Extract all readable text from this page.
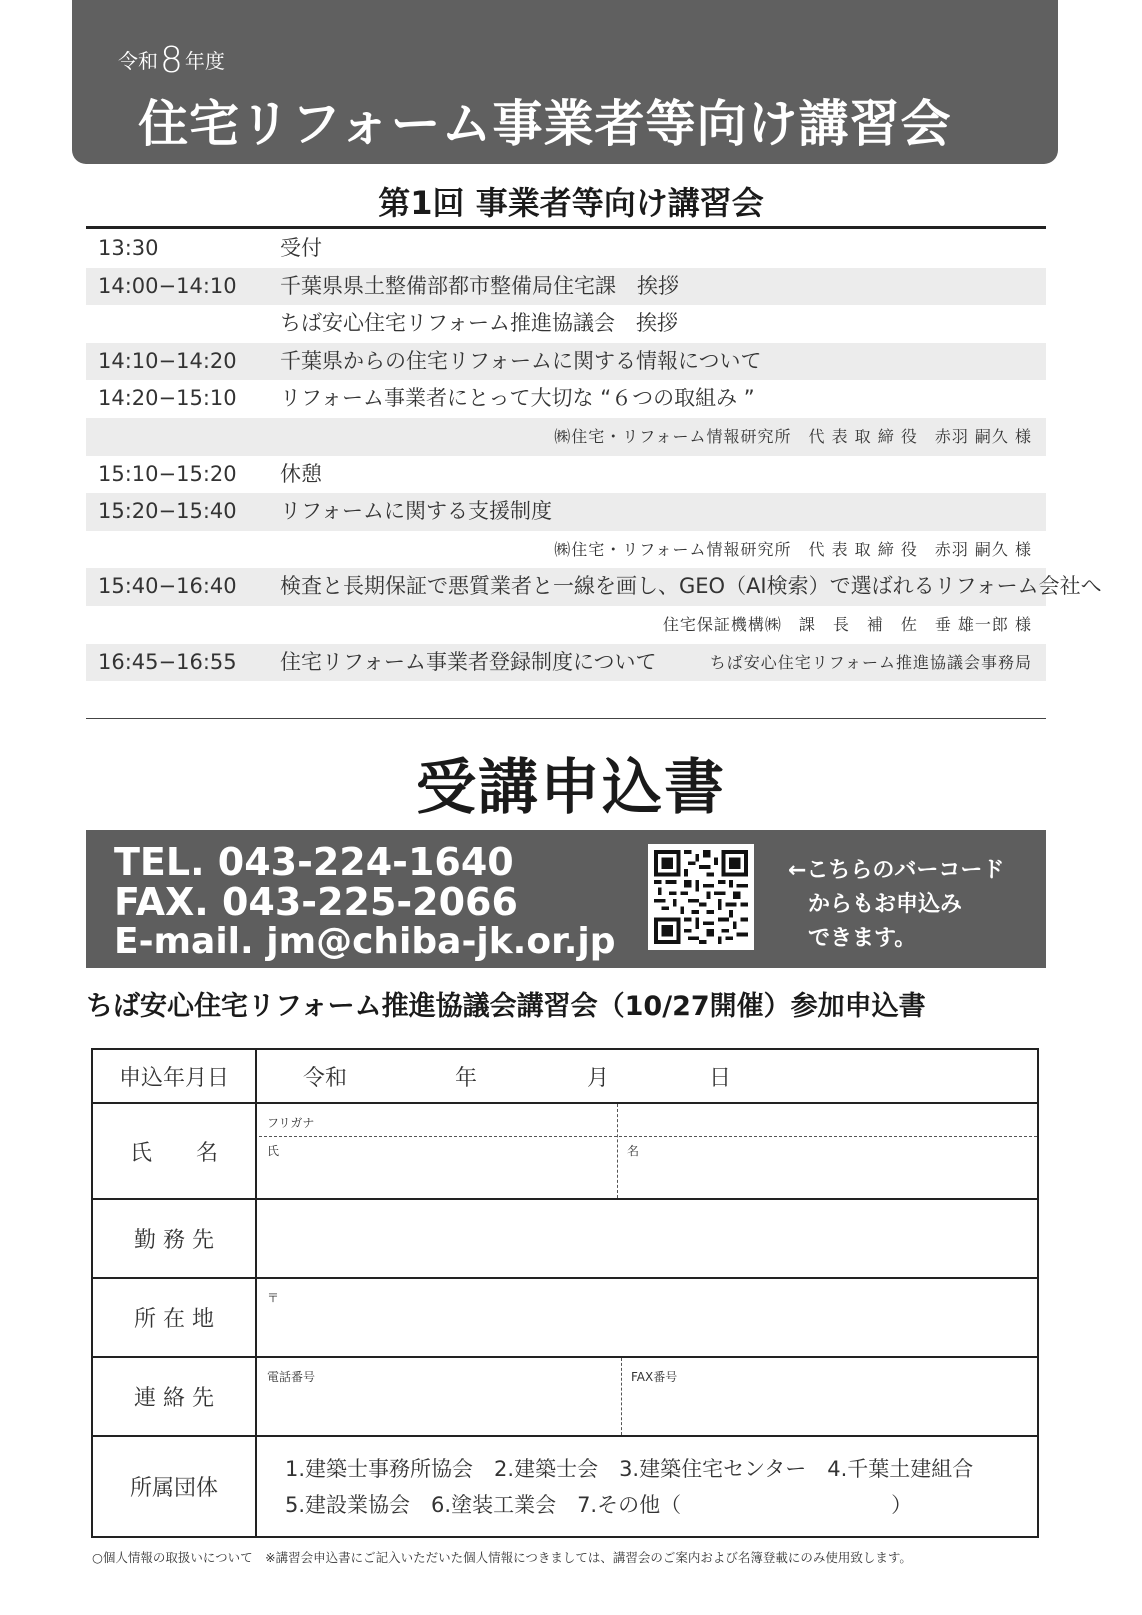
令和8 年度
住宅リフォーム事業者等向け講習会
第1回 事業者等向け講習会
13:30	受付
14:00−14:10 千葉県県土整備部都市整備局住宅課　挨拶
ちば安心住宅リフォーム推進協議会　挨拶
14:10−14:20 千葉県からの住宅リフォームに関する情報について
14:20−15:10 リフォーム事業者にとって大切な “６つの取組み ”
㈱住宅・リフォーム情報研究所　代 表 取 締 役　赤羽 嗣久 様
15:10−15:20 休憩
15:20−15:40 リフォームに関する支援制度
㈱住宅・リフォーム情報研究所　代 表 取 締 役　赤羽 嗣久 様
15:40−16:40 検査と長期保証で悪質業者と一線を画し、GEO（AI検索）で選ばれるリフォーム会社へ
住宅保証機構㈱　課　長　補　佐　垂 雄一郎 様
16:45−16:55 住宅リフォーム事業者登録制度について	ちば安心住宅リフォーム推進協議会事務局
受講申込書
TEL. 043-224-1640
FAX. 043-225-2066
E-mail. jm@chiba-jk.or.jp
←こちらのバーコード
からもお申込み
できます。
ちば安心住宅リフォーム推進協議会講習会（10/27開催）参加申込書
申込年月日	令和	年	月	日
氏　　名
フリガナ
氏	名
勤 務 先
所 在 地
〒
連 絡 先
電話番号	FAX番号
所属団体
1.建築士事務所協会　2.建築士会　3.建築住宅センター　4.千葉土建組合
5.建設業協会　6.塗装工業会　7.その他（　　　　　　　　　　）
○個人情報の取扱いについて　※講習会申込書にご記入いただいた個人情報につきましては、講習会のご案内および名簿登載にのみ使用致します。
